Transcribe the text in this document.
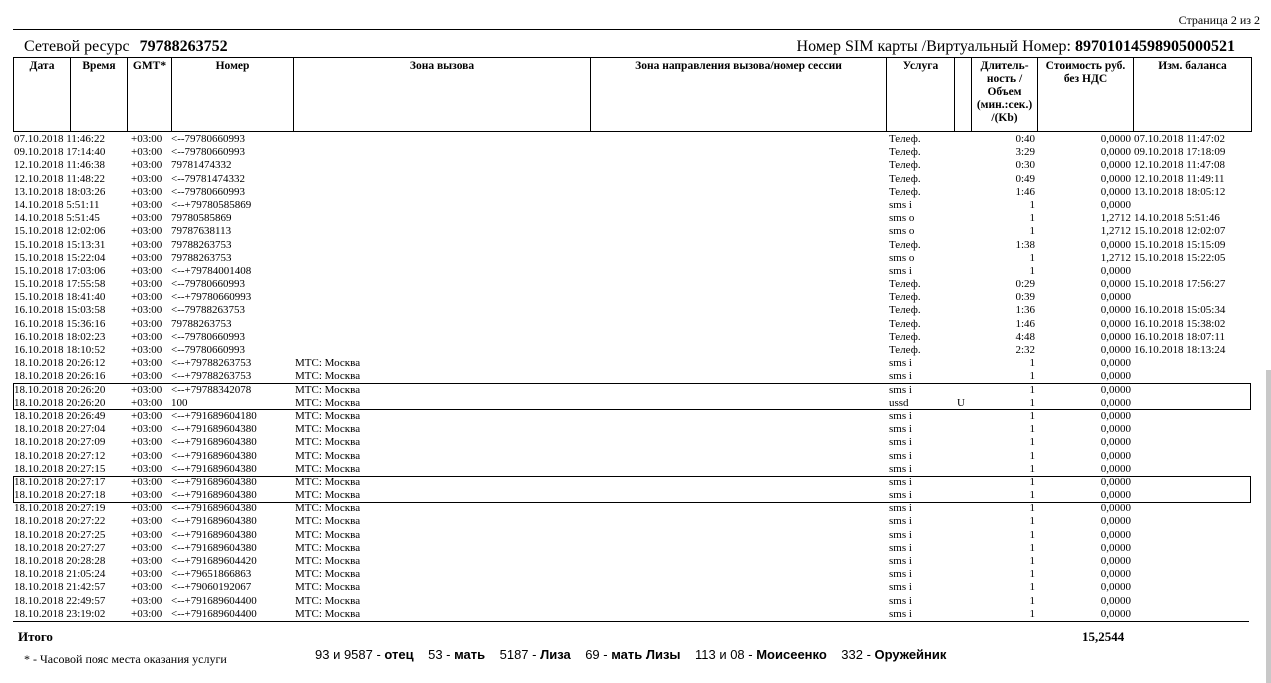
Страница 2 из 2
Сетевой ресурс 79788263752	Номер SIM карты /Виртуальный Номер: 89701014598905000521
Дата	Время	GMT*	Номер	Зона вызова	Зона направления вызова/номер сессии	Услуга		Длитель-ность /Объем (мин.:сек.) /(Kb)	Стоимость руб. без НДС	Изм. баланса
07.10.2018 11:46:22 +03:00 <--79780660993	Телеф.	0:40	0,0000 07.10.2018 11:47:02
09.10.2018 17:14:40 +03:00 <--79780660993	Телеф.	3:29	0,0000 09.10.2018 17:18:09
12.10.2018 11:46:38 +03:00 79781474332	Телеф.	0:30	0,0000 12.10.2018 11:47:08
12.10.2018 11:48:22 +03:00 <--79781474332	Телеф.	0:49	0,0000 12.10.2018 11:49:11
13.10.2018 18:03:26 +03:00 <--79780660993	Телеф.	1:46	0,0000 13.10.2018 18:05:12
14.10.2018 5:51:11	+03:00 <--+79780585869	sms i	1	0,0000
14.10.2018 5:51:45	+03:00 79780585869	sms o	1	1,2712 14.10.2018 5:51:46
15.10.2018 12:02:06 +03:00 79787638113	sms o	1	1,2712 15.10.2018 12:02:07
15.10.2018 15:13:31 +03:00 79788263753	Телеф.	1:38	0,0000 15.10.2018 15:15:09
15.10.2018 15:22:04 +03:00 79788263753	sms o	1	1,2712 15.10.2018 15:22:05
15.10.2018 17:03:06 +03:00 <--+79784001408	sms i	1	0,0000
15.10.2018 17:55:58 +03:00 <--79780660993	Телеф.	0:29	0,0000 15.10.2018 17:56:27
15.10.2018 18:41:40 +03:00 <--+79780660993	Телеф.	0:39	0,0000
16.10.2018 15:03:58 +03:00 <--79788263753	Телеф.	1:36	0,0000 16.10.2018 15:05:34
16.10.2018 15:36:16 +03:00 79788263753	Телеф.	1:46	0,0000 16.10.2018 15:38:02
16.10.2018 18:02:23 +03:00 <--79780660993	Телеф.	4:48	0,0000 16.10.2018 18:07:11
16.10.2018 18:10:52 +03:00 <--79780660993	Телеф.	2:32	0,0000 16.10.2018 18:13:24
18.10.2018 20:26:12 +03:00 <--+79788263753	МТС: Москва	sms i	1	0,0000
18.10.2018 20:26:16 +03:00 <--+79788263753	МТС: Москва	sms i	1	0,0000
18.10.2018 20:26:20 +03:00 <--+79788342078	МТС: Москва	sms i	1	0,0000
18.10.2018 20:26:20 +03:00 100	МТС: Москва	ussd	U	1	0,0000
18.10.2018 20:26:49 +03:00 <--+791689604180	МТС: Москва	sms i	1	0,0000
18.10.2018 20:27:04 +03:00 <--+791689604380	МТС: Москва	sms i	1	0,0000
18.10.2018 20:27:09 +03:00 <--+791689604380	МТС: Москва	sms i	1	0,0000
18.10.2018 20:27:12 +03:00 <--+791689604380	МТС: Москва	sms i	1	0,0000
18.10.2018 20:27:15 +03:00 <--+791689604380	МТС: Москва	sms i	1	0,0000
18.10.2018 20:27:17 +03:00 <--+791689604380	МТС: Москва	sms i	1	0,0000
18.10.2018 20:27:18 +03:00 <--+791689604380	МТС: Москва	sms i	1	0,0000
18.10.2018 20:27:19 +03:00 <--+791689604380	МТС: Москва	sms i	1	0,0000
18.10.2018 20:27:22 +03:00 <--+791689604380	МТС: Москва	sms i	1	0,0000
18.10.2018 20:27:25 +03:00 <--+791689604380	МТС: Москва	sms i	1	0,0000
18.10.2018 20:27:27 +03:00 <--+791689604380	МТС: Москва	sms i	1	0,0000
18.10.2018 20:28:28 +03:00 <--+791689604420	МТС: Москва	sms i	1	0,0000
18.10.2018 21:05:24 +03:00 <--+79651866863	МТС: Москва	sms i	1	0,0000
18.10.2018 21:42:57 +03:00 <--+79060192067	МТС: Москва	sms i	1	0,0000
18.10.2018 22:49:57 +03:00 <--+791689604400	МТС: Москва	sms i	1	0,0000
18.10.2018 23:19:02 +03:00 <--+791689604400	МТС: Москва	sms i	1	0,0000
Итого	15,2544
* - Часовой пояс места оказания услуги	93 и 9587 - отец 53 - мать 5187 - Лиза 69 - мать Лизы 113 и 08 - Моисеенко 332 - Оружейник
